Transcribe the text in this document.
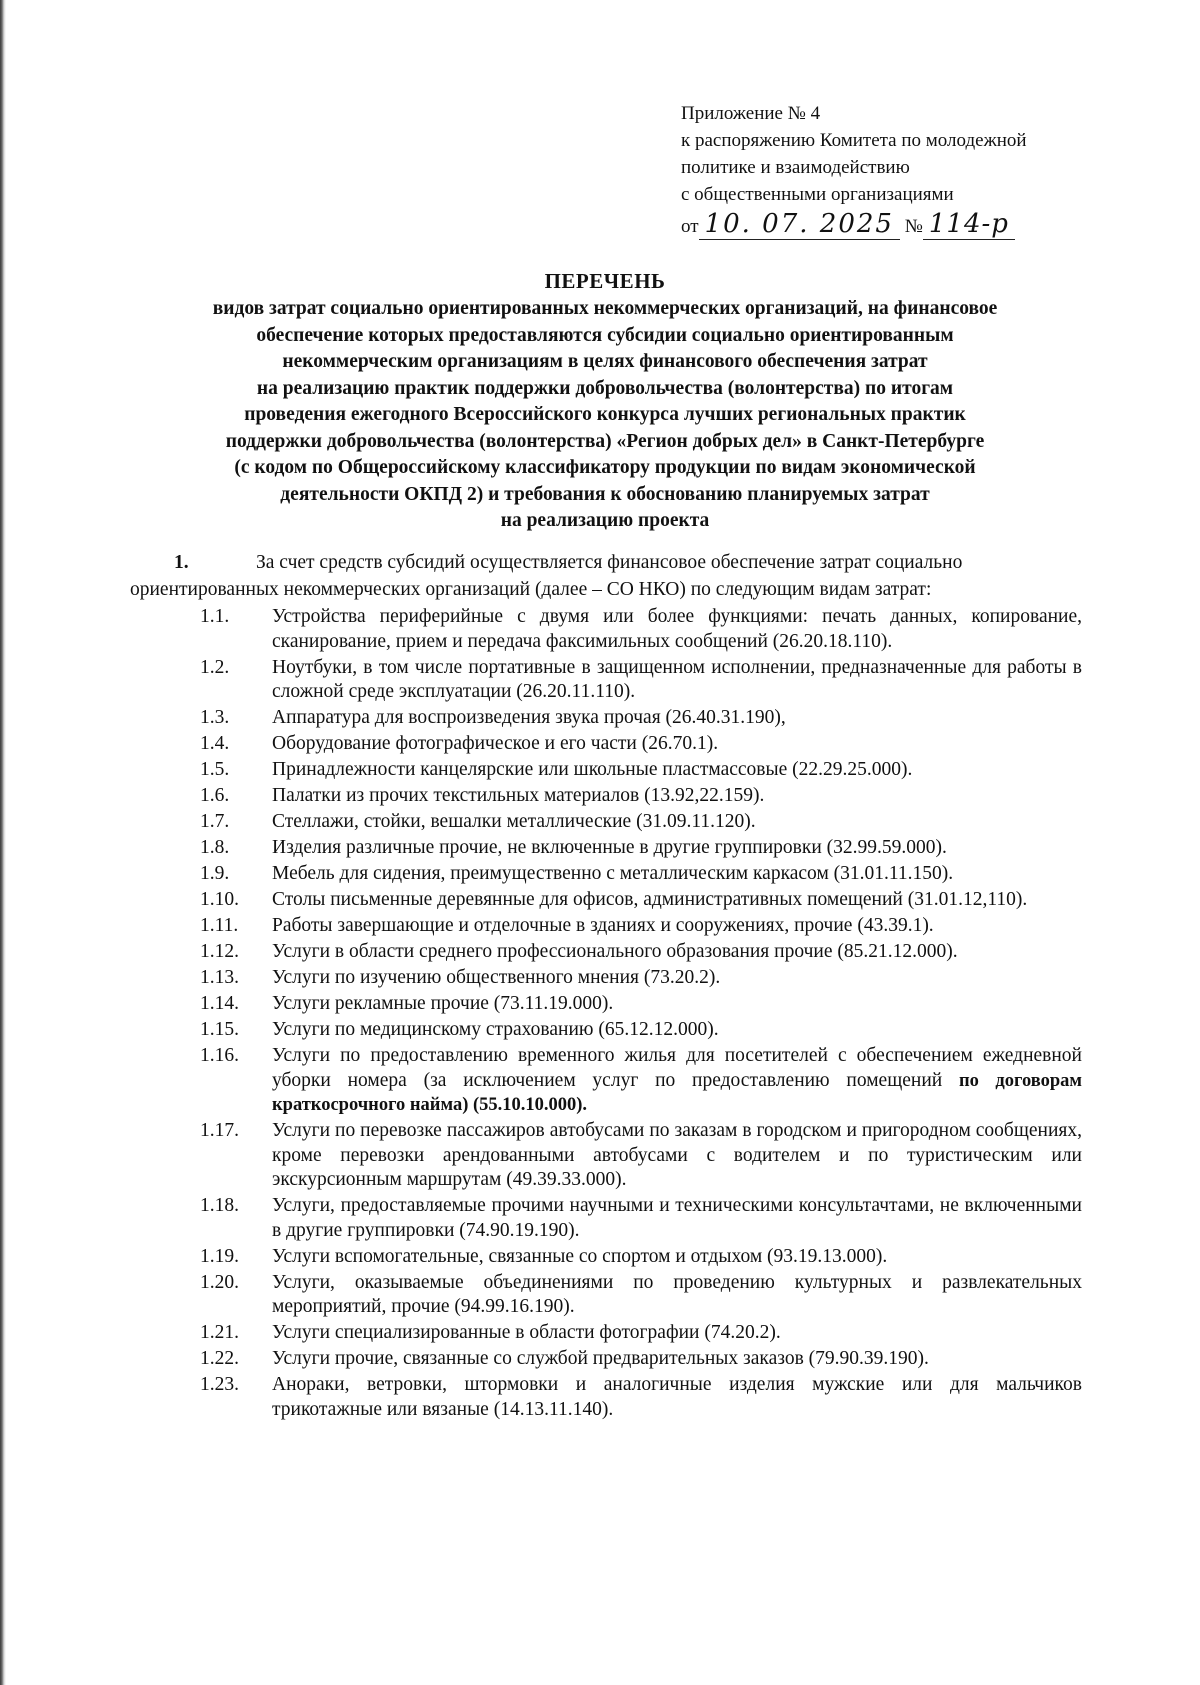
Приложение № 4
к распоряжению Комитета по молодежной
политике и взаимодействию
с общественными организациями
от 10. 07. 2025 № 114-р
ПЕРЕЧЕНЬ
видов затрат социально ориентированных некоммерческих организаций, на финансовое
обеспечение которых предоставляются субсидии социально ориентированным
некоммерческим организациям в целях финансового обеспечения затрат
на реализацию практик поддержки добровольчества (волонтерства) по итогам
проведения ежегодного Всероссийского конкурса лучших региональных практик
поддержки добровольчества (волонтерства) «Регион добрых дел» в Санкт-Петербурге
(с кодом по Общероссийскому классификатору продукции по видам экономической
деятельности ОКПД 2) и требования к обоснованию планируемых затрат
на реализацию проекта
1.	За счет средств субсидий осуществляется финансовое обеспечение затрат социально
ориентированных некоммерческих организаций (далее – СО НКО) по следующим видам затрат:
1.1.	Устройства периферийные с двумя или более функциями: печать данных, копирование, сканирование, прием и передача факсимильных сообщений (26.20.18.110).
1.2.	Ноутбуки, в том числе портативные в защищенном исполнении, предназначенные для работы в сложной среде эксплуатации (26.20.11.110).
1.3.	Аппаратура для воспроизведения звука прочая (26.40.31.190),
1.4.	Оборудование фотографическое и его части (26.70.1).
1.5.	Принадлежности канцелярские или школьные пластмассовые (22.29.25.000).
1.6.	Палатки из прочих текстильных материалов (13.92,22.159).
1.7.	Стеллажи, стойки, вешалки металлические (31.09.11.120).
1.8.	Изделия различные прочие, не включенные в другие группировки (32.99.59.000).
1.9.	Мебель для сидения, преимущественно с металлическим каркасом (31.01.11.150).
1.10.	Столы письменные деревянные для офисов, административных помещений (31.01.12,110).
1.11.	Работы завершающие и отделочные в зданиях и сооружениях, прочие (43.39.1).
1.12.	Услуги в области среднего профессионального образования прочие (85.21.12.000).
1.13.	Услуги по изучению общественного мнения (73.20.2).
1.14.	Услуги рекламные прочие (73.11.19.000).
1.15.	Услуги по медицинскому страхованию (65.12.12.000).
1.16.	Услуги по предоставлению временного жилья для посетителей с обеспечением ежедневной уборки номера (за исключением услуг по предоставлению помещений по договорам краткосрочного найма) (55.10.10.000).
1.17.	Услуги по перевозке пассажиров автобусами по заказам в городском и пригородном сообщениях, кроме перевозки арендованными автобусами с водителем и по туристическим или экскурсионным маршрутам (49.39.33.000).
1.18.	Услуги, предоставляемые прочими научными и техническими консультачтами, не включенными в другие группировки (74.90.19.190).
1.19.	Услуги вспомогательные, связанные со спортом и отдыхом (93.19.13.000).
1.20.	Услуги, оказываемые объединениями по проведению культурных и развлекательных мероприятий, прочие (94.99.16.190).
1.21.	Услуги специализированные в области фотографии (74.20.2).
1.22.	Услуги прочие, связанные со службой предварительных заказов (79.90.39.190).
1.23.	Анораки, ветровки, штормовки и аналогичные изделия мужские или для мальчиков трикотажные или вязаные (14.13.11.140).
